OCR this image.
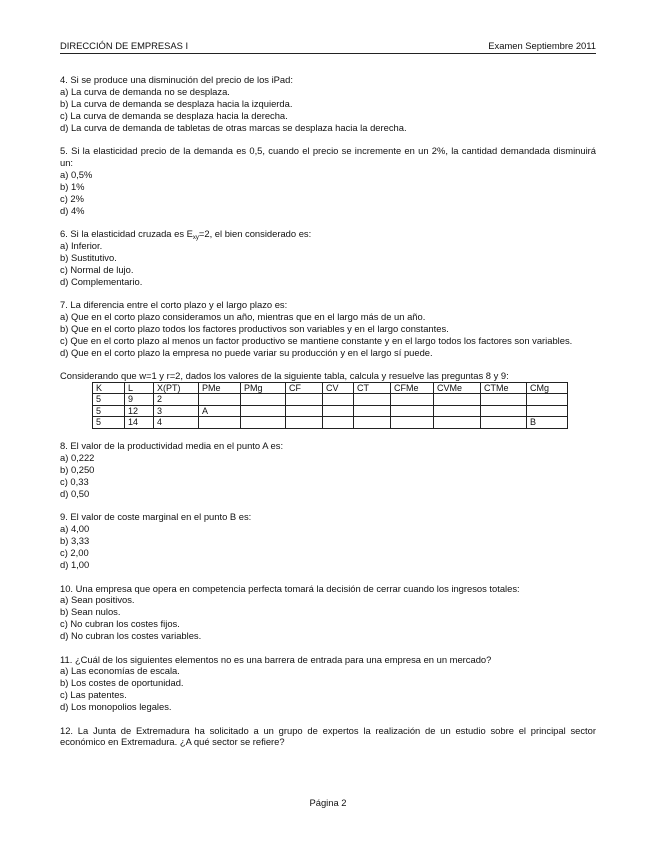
DIRECCIÓN DE EMPRESAS I	Examen Septiembre 2011

4. Si se produce una disminución del precio de los iPad:

a) La curva de demanda no se desplaza.

b) La curva de demanda se desplaza hacia la izquierda.

c) La curva de demanda se desplaza hacia la derecha.

d) La curva de demanda de tabletas de otras marcas se desplaza hacia la derecha.

5. Si la elasticidad precio de la demanda es 0,5, cuando el precio se incremente en un 2%, la cantidad demandada disminuirá un:

a) 0,5%

b) 1%

c) 2%

d) 4%

6. Si la elasticidad cruzada es $E_{xy}=2$, el bien considerado es:

a) Inferior.

b) Sustitutivo.

c) Normal de lujo.

d) Complementario.

7. La diferencia entre el corto plazo y el largo plazo es:

a) Que en el corto plazo consideramos un año, mientras que en el largo más de un año.

b) Que en el corto plazo todos los factores productivos son variables y en el largo constantes.

c) Que en el corto plazo al menos un factor productivo se mantiene constante y en el largo todos los factores son variables.

d) Que en el corto plazo la empresa no puede variar su producción y en el largo sí puede.

Considerando que w=1 y r=2, dados los valores de la siguiente tabla, calcula y resuelve las preguntas 8 y 9:

K	L	X(PT)	PMe	PMg	CF	CV	CT	CFMe	CVMe	CTMe	CMg
5	9	2									
5	12	3	A								
5	14	4									B

8. El valor de la productividad media en el punto A es:

a) 0,222

b) 0,250

c) 0,33

d) 0,50

9. El valor de coste marginal en el punto B es:

a) 4,00

b) 3,33

c) 2,00

d) 1,00

10. Una empresa que opera en competencia perfecta tomará la decisión de cerrar cuando los ingresos totales:

a) Sean positivos.

b) Sean nulos.

c) No cubran los costes fijos.

d) No cubran los costes variables.

11. ¿Cuál de los siguientes elementos no es una barrera de entrada para una empresa en un mercado?

a) Las economías de escala.

b) Los costes de oportunidad.

c) Las patentes.

d) Los monopolios legales.

12. La Junta de Extremadura ha solicitado a un grupo de expertos la realización de un estudio sobre el principal sector económico en Extremadura. ¿A qué sector se refiere?

Página 2
